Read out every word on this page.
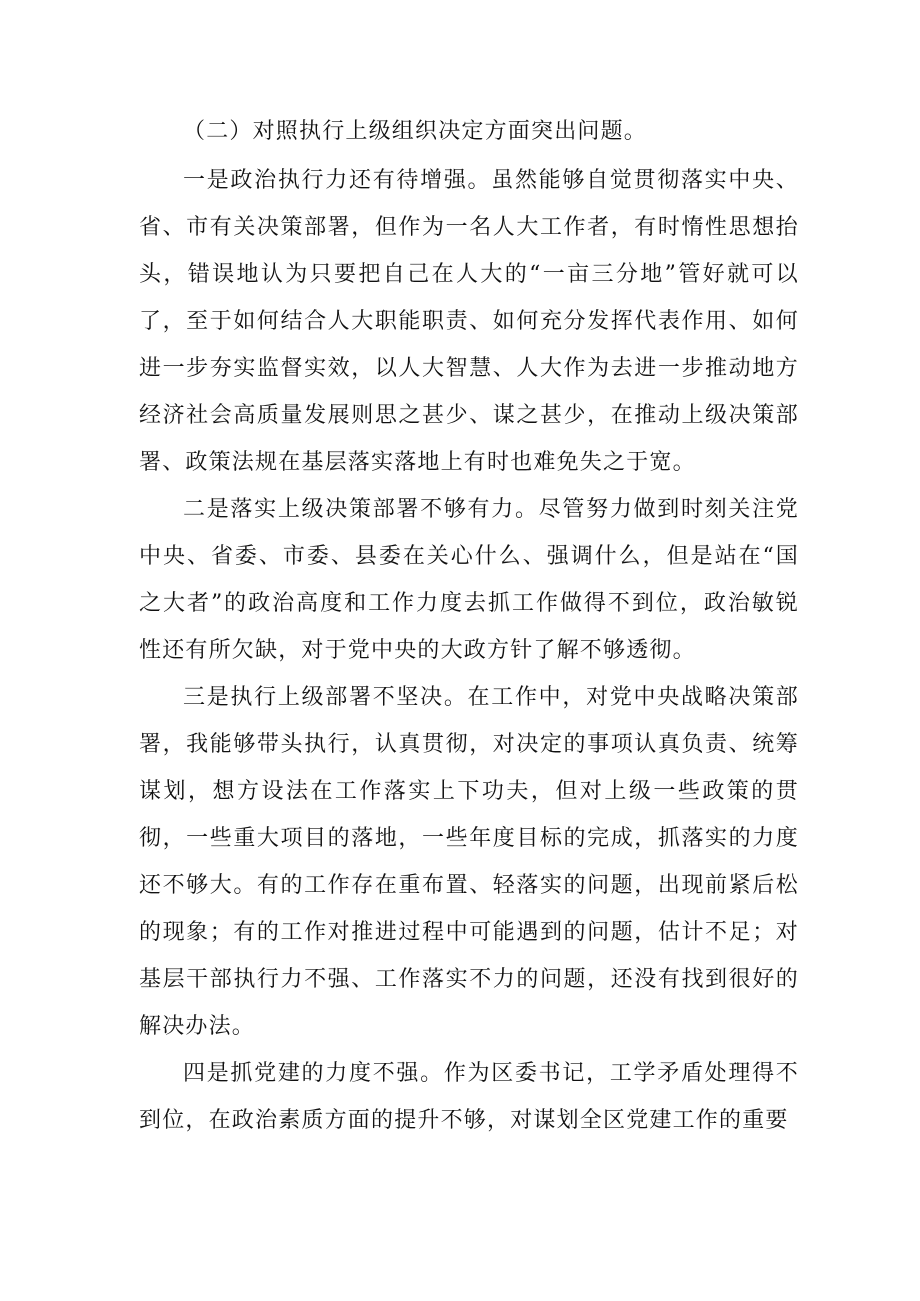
（二）对照执行上级组织决定方面突出问题。

一是政治执行力还有待增强。虽然能够自觉贯彻落实中央、省、市有关决策部署，但作为一名人大工作者，有时惰性思想抬头，错误地认为只要把自己在人大的“一亩三分地”管好就可以了，至于如何结合人大职能职责、如何充分发挥代表作用、如何进一步夯实监督实效，以人大智慧、人大作为去进一步推动地方经济社会高质量发展则思之甚少、谋之甚少，在推动上级决策部署、政策法规在基层落实落地上有时也难免失之于宽。

二是落实上级决策部署不够有力。尽管努力做到时刻关注党中央、省委、市委、县委在关心什么、强调什么，但是站在“国之大者”的政治高度和工作力度去抓工作做得不到位，政治敏锐性还有所欠缺，对于党中央的大政方针了解不够透彻。

三是执行上级部署不坚决。在工作中，对党中央战略决策部署，我能够带头执行，认真贯彻，对决定的事项认真负责、统筹谋划，想方设法在工作落实上下功夫，但对上级一些政策的贯彻，一些重大项目的落地，一些年度目标的完成，抓落实的力度还不够大。有的工作存在重布置、轻落实的问题，出现前紧后松的现象；有的工作对推进过程中可能遇到的问题，估计不足；对基层干部执行力不强、工作落实不力的问题，还没有找到很好的解决办法。

四是抓党建的力度不强。作为区委书记，工学矛盾处理得不到位，在政治素质方面的提升不够，对谋划全区党建工作的重要
